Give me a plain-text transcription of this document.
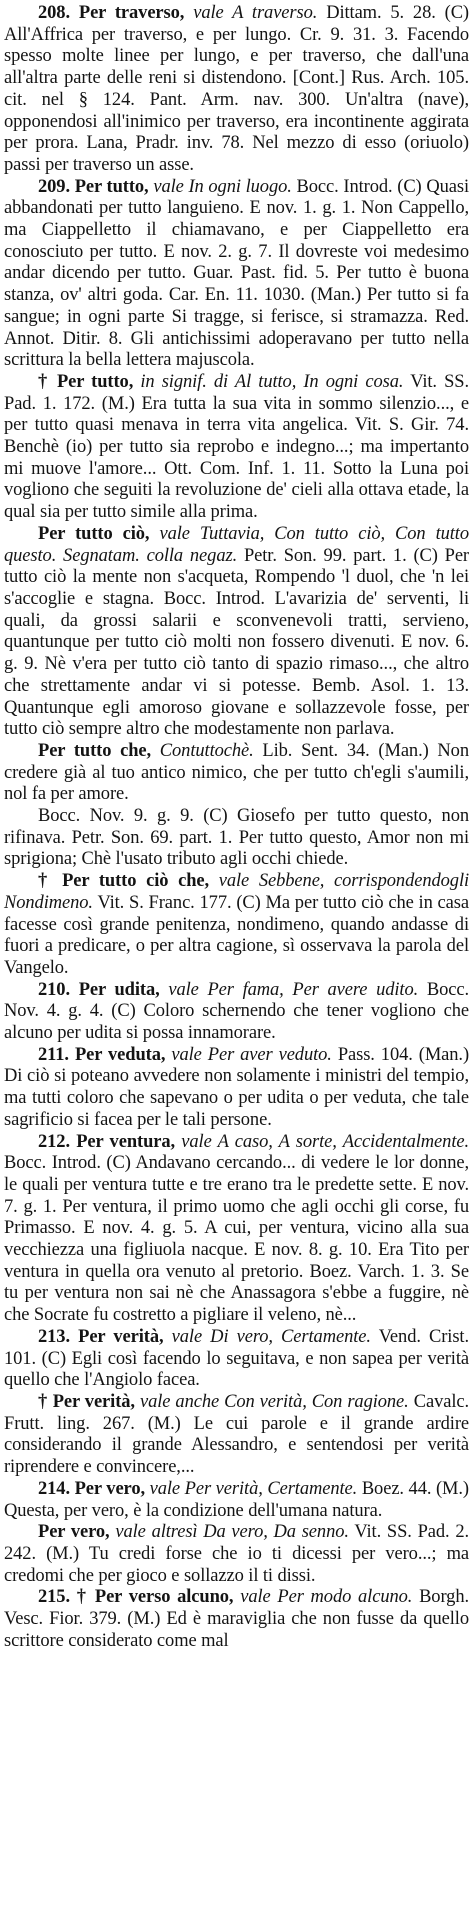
208. Per traverso, vale A traverso. Dittam. 5. 28. (C) All'Affrica per traverso, e per lungo. Cr. 9. 31. 3. Facendo spesso molte linee per lungo, e per traverso, che dall'una all'altra parte delle reni si distendono. [Cont.] Rus. Arch. 105. cit. nel § 124. Pant. Arm. nav. 300. Un'altra (nave), opponendosi all'inimico per traverso, era incontinente aggirata per prora. Lana, Pradr. inv. 78. Nel mezzo di esso (oriuolo) passi per traverso un asse.

209. Per tutto, vale In ogni luogo. Bocc. Introd. (C) Quasi abbandonati per tutto languieno. E nov. 1. g. 1. Non Cappello, ma Ciappelletto il chiamavano, e per Ciappelletto era conosciuto per tutto. E nov. 2. g. 7. Il dovreste voi medesimo andar dicendo per tutto. Guar. Past. fid. 5. Per tutto è buona stanza, ov' altri goda. Car. En. 11. 1030. (Man.) Per tutto si fa sangue; in ogni parte Si tragge, si ferisce, si stramazza. Red. Annot. Ditir. 8. Gli antichissimi adoperavano per tutto nella scrittura la bella lettera majuscola.

† Per tutto, in signif. di Al tutto, In ogni cosa. Vit. SS. Pad. 1. 172. (M.) Era tutta la sua vita in sommo silenzio..., e per tutto quasi menava in terra vita angelica. Vit. S. Gir. 74. Benchè (io) per tutto sia reprobo e indegno...; ma impertanto mi muove l'amore... Ott. Com. Inf. 1. 11. Sotto la Luna poi vogliono che seguiti la revoluzione de' cieli alla ottava etade, la qual sia per tutto simile alla prima.

Per tutto ciò, vale Tuttavia, Con tutto ciò, Con tutto questo. Segnatam. colla negaz. Petr. Son. 99. part. 1. (C) Per tutto ciò la mente non s'acqueta, Rompendo 'l duol, che 'n lei s'accoglie e stagna. Bocc. Introd. L'avarizia de' serventi, li quali, da grossi salarii e sconvenevoli tratti, servieno, quantunque per tutto ciò molti non fossero divenuti. E nov. 6. g. 9. Nè v'era per tutto ciò tanto di spazio rimaso..., che altro che strettamente andar vi si potesse. Bemb. Asol. 1. 13. Quantunque egli amoroso giovane e sollazzevole fosse, per tutto ciò sempre altro che modestamente non parlava.

Per tutto che, Contuttochè. Lib. Sent. 34. (Man.) Non credere già al tuo antico nimico, che per tutto ch'egli s'aumili, nol fa per amore.

Bocc. Nov. 9. g. 9. (C) Giosefo per tutto questo, non rifinava. Petr. Son. 69. part. 1. Per tutto questo, Amor non mi sprigiona; Chè l'usato tributo agli occhi chiede.

† Per tutto ciò che, vale Sebbene, corrispondendogli Nondimeno. Vit. S. Franc. 177. (C) Ma per tutto ciò che in casa facesse così grande penitenza, nondimeno, quando andasse di fuori a predicare, o per altra cagione, sì osservava la parola del Vangelo.

210. Per udita, vale Per fama, Per avere udito. Bocc. Nov. 4. g. 4. (C) Coloro schernendo che tener vogliono che alcuno per udita si possa innamorare.

211. Per veduta, vale Per aver veduto. Pass. 104. (Man.) Di ciò si poteano avvedere non solamente i ministri del tempio, ma tutti coloro che sapevano o per udita o per veduta, che tale sagrificio si facea per le tali persone.

212. Per ventura, vale A caso, A sorte, Accidentalmente. Bocc. Introd. (C) Andavano cercando... di vedere le lor donne, le quali per ventura tutte e tre erano tra le predette sette. E nov. 7. g. 1. Per ventura, il primo uomo che agli occhi gli corse, fu Primasso. E nov. 4. g. 5. A cui, per ventura, vicino alla sua vecchiezza una figliuola nacque. E nov. 8. g. 10. Era Tito per ventura in quella ora venuto al pretorio. Boez. Varch. 1. 3. Se tu per ventura non sai nè che Anassagora s'ebbe a fuggire, nè che Socrate fu costretto a pigliare il veleno, nè...

213. Per verità, vale Di vero, Certamente. Vend. Crist. 101. (C) Egli così facendo lo seguitava, e non sapea per verità quello che l'Angiolo facea.

† Per verità, vale anche Con verità, Con ragione. Cavalc. Frutt. ling. 267. (M.) Le cui parole e il grande ardire considerando il grande Alessandro, e sentendosi per verità riprendere e convincere,...

214. Per vero, vale Per verità, Certamente. Boez. 44. (M.) Questa, per vero, è la condizione dell'umana natura.

Per vero, vale altresì Da vero, Da senno. Vit. SS. Pad. 2. 242. (M.) Tu credi forse che io ti dicessi per vero...; ma credomi che per gioco e sollazzo il ti dissi.

215. † Per verso alcuno, vale Per modo alcuno. Borgh. Vesc. Fior. 379. (M.) Ed è maraviglia che non fusse da quello scrittore considerato come mal
